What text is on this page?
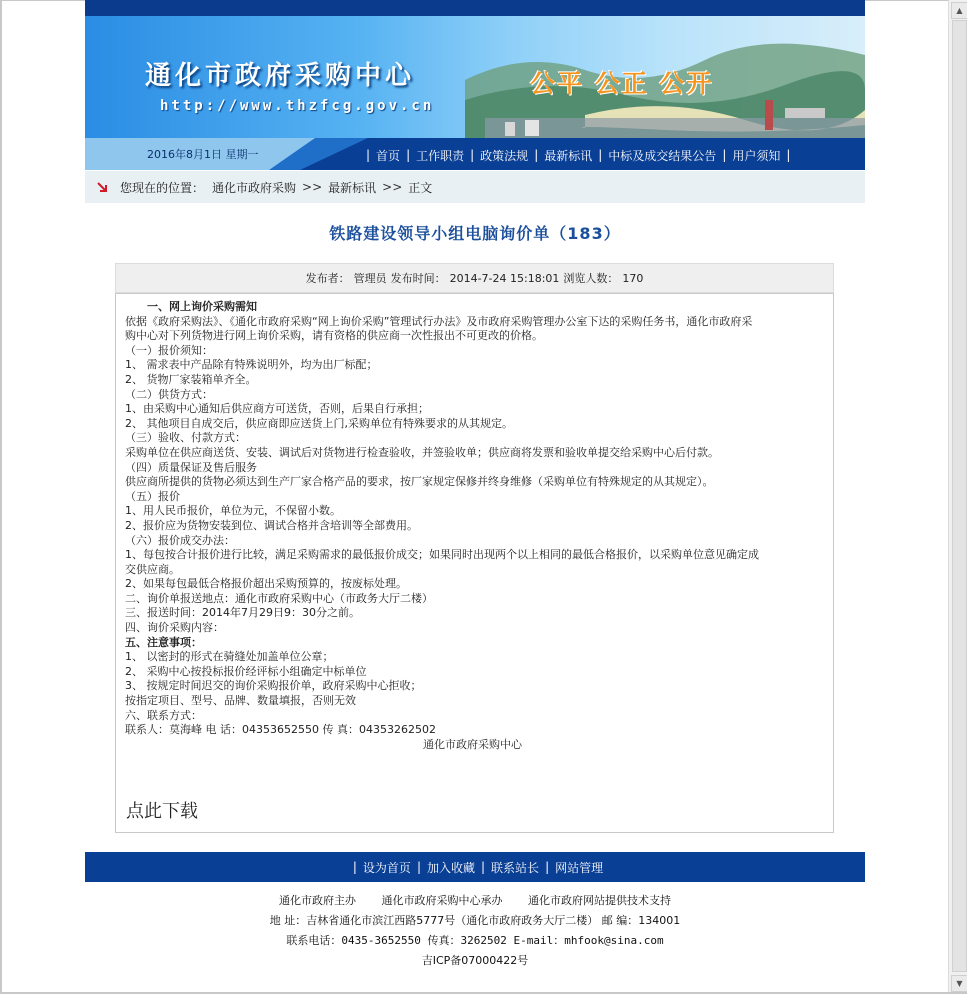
通化市政府采购中心
http://www.thzfcg.gov.cn
公平 公正 公开
2016年8月1日 星期一	| 首页 | 工作职责 | 政策法规 | 最新标讯 | 中标及成交结果公告 | 用户须知 |
您现在的位置： 通化市政府采购 >> 最新标讯 >> 正文
铁路建设领导小组电脑询价单（183）
发布者： 管理员 发布时间： 2014-7-24 15:18:01 浏览人数： 170
一、网上询价采购需知
依据《政府采购法》、《通化市政府采购“网上询价采购”管理试行办法》及市政府采购管理办公室下达的采购任务书，通化市政府采
购中心对下列货物进行网上询价采购，请有资格的供应商一次性报出不可更改的价格。
（一）报价须知：
1、 需求表中产品除有特殊说明外，均为出厂标配；
2、 货物厂家装箱单齐全。
（二）供货方式：
1、由采购中心通知后供应商方可送货，否则，后果自行承担；
2、 其他项目自成交后，供应商即应送货上门,采购单位有特殊要求的从其规定。
（三）验收、付款方式：
采购单位在供应商送货、安装、调试后对货物进行检查验收，并签验收单；供应商将发票和验收单提交给采购中心后付款。
（四）质量保证及售后服务
供应商所提供的货物必须达到生产厂家合格产品的要求，按厂家规定保修并终身维修（采购单位有特殊规定的从其规定）。
（五）报价
1、用人民币报价，单位为元，不保留小数。
2、报价应为货物安装到位、调试合格并含培训等全部费用。
（六）报价成交办法：
1、每包按合计报价进行比较，满足采购需求的最低报价成交；如果同时出现两个以上相同的最低合格报价，以采购单位意见确定成
交供应商。
2、如果每包最低合格报价超出采购预算的，按废标处理。
二、询价单报送地点：通化市政府采购中心（市政务大厅二楼）
三、报送时间：2014年7月29日9：30分之前。
四、询价采购内容：
五、注意事项：
1、 以密封的形式在骑缝处加盖单位公章；
2、 采购中心按投标报价经评标小组确定中标单位
3、 按规定时间迟交的询价采购报价单，政府采购中心拒收；
按指定项目、型号、品牌、数量填报，否则无效
六、联系方式：
联系人：莫海峰 电 话：04353652550 传 真：04353262502
通化市政府采购中心
点此下载
| 设为首页 | 加入收藏 | 联系站长 | 网站管理
通化市政府主办 通化市政府采购中心承办 通化市政府网站提供技术支持
地 址：吉林省通化市滨江西路5777号（通化市政府政务大厅二楼） 邮 编：134001
联系电话：0435-3652550 传真：3262502 E-mail：mhfook@sina.com
吉ICP备07000422号
▲
▼
